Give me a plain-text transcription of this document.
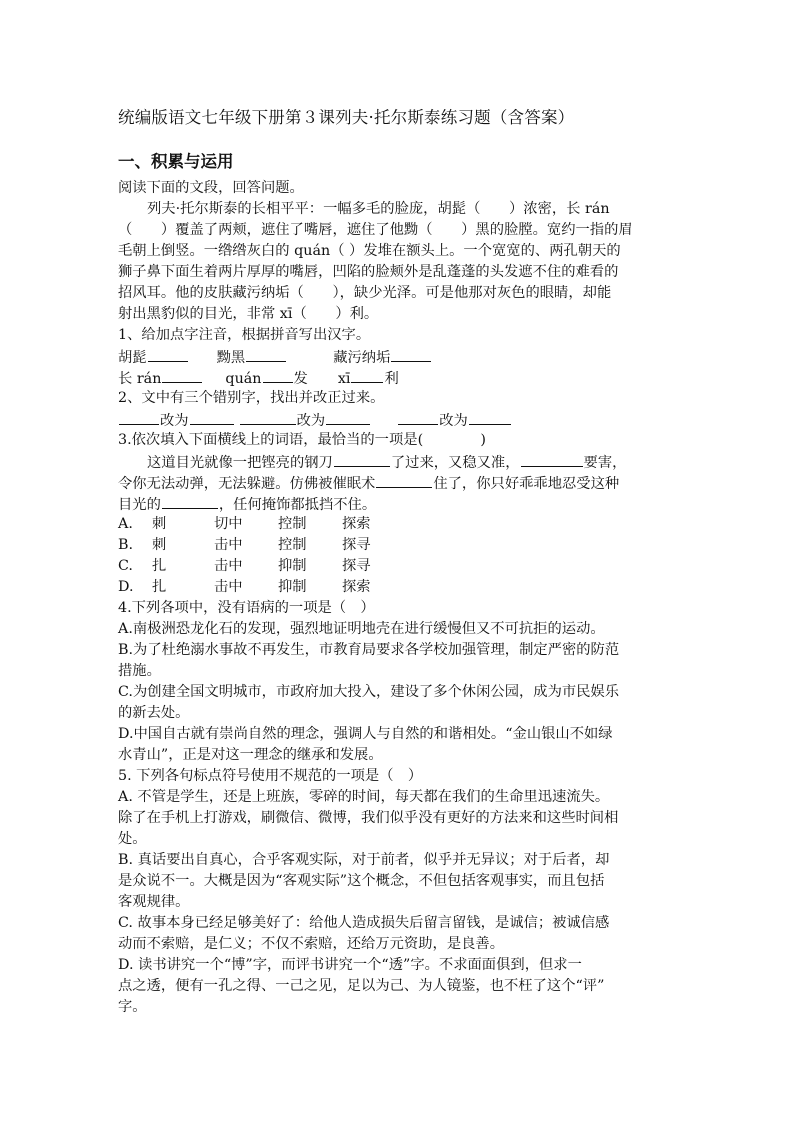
统编版语文七年级下册第３课列夫·托尔斯泰练习题（含答案）
一、积累与运用
阅读下面的文段，回答问题。
列夫·托尔斯泰的长相平平：一幅多毛的脸庞，胡髭（　　）浓密，长 rán
（　　）覆盖了两颊，遮住了嘴唇，遮住了他黝（　　）黑的脸膛。宽约一指的眉
毛朝上倒竖。一绺绺灰白的 quán（ ）发堆在额头上。一个宽宽的、两孔朝天的
狮子鼻下面生着两片厚厚的嘴唇，凹陷的脸颊外是乱蓬蓬的头发遮不住的难看的
招风耳。他的皮肤藏污纳垢（　　），缺少光泽。可是他那对灰色的眼睛，却能
射出黑豹似的目光，非常 xī（　　）利。
1、给加点字注音，根据拼音写出汉字。
胡髭	黝黑	藏污纳垢
长 rán	quán 发 xī 利
2、文中有三个错别字，找出并改正过来。
改为	改为	改为
3.依次填入下面横线上的词语，最恰当的一项是(　　　　)
这道目光就像一把铿亮的钢刀	了过来，又稳又准，	要害，
令你无法动弹，无法躲避。仿佛被催眠术	住了，你只好乖乖地忍受这种
目光的	，任何掩饰都抵挡不住。
A. 刺	切中 控制 探索
B. 刺	击中 控制 探寻
C. 扎	击中 抑制 探寻
D. 扎	击中 抑制 探索
4.下列各项中，没有语病的一项是（　）
A.南极洲恐龙化石的发现，强烈地证明地壳在进行缓慢但又不可抗拒的运动。
B.为了杜绝溺水事故不再发生，市教育局要求各学校加强管理，制定严密的防范
措施。
C.为创建全国文明城市，市政府加大投入，建设了多个休闲公园，成为市民娱乐
的新去处。
D.中国自古就有崇尚自然的理念，强调人与自然的和谐相处。“金山银山不如绿
水青山”，正是对这一理念的继承和发展。
5. 下列各句标点符号使用不规范的一项是（　）
A. 不管是学生，还是上班族，零碎的时间，每天都在我们的生命里迅速流失。
除了在手机上打游戏，刷微信、微博，我们似乎没有更好的方法来和这些时间相
处。
B. 真话要出自真心，合乎客观实际，对于前者，似乎并无异议；对于后者，却
是众说不一。大概是因为“客观实际”这个概念，不但包括客观事实，而且包括
客观规律。
C. 故事本身已经足够美好了：给他人造成损失后留言留钱，是诚信；被诚信感
动而不索赔，是仁义；不仅不索赔，还给万元资助，是良善。
D. 读书讲究一个“博”字，而评书讲究一个“透”字。不求面面俱到，但求一
点之透，便有一孔之得、一己之见，足以为己、为人镜鉴，也不枉了这个“评”
字。
